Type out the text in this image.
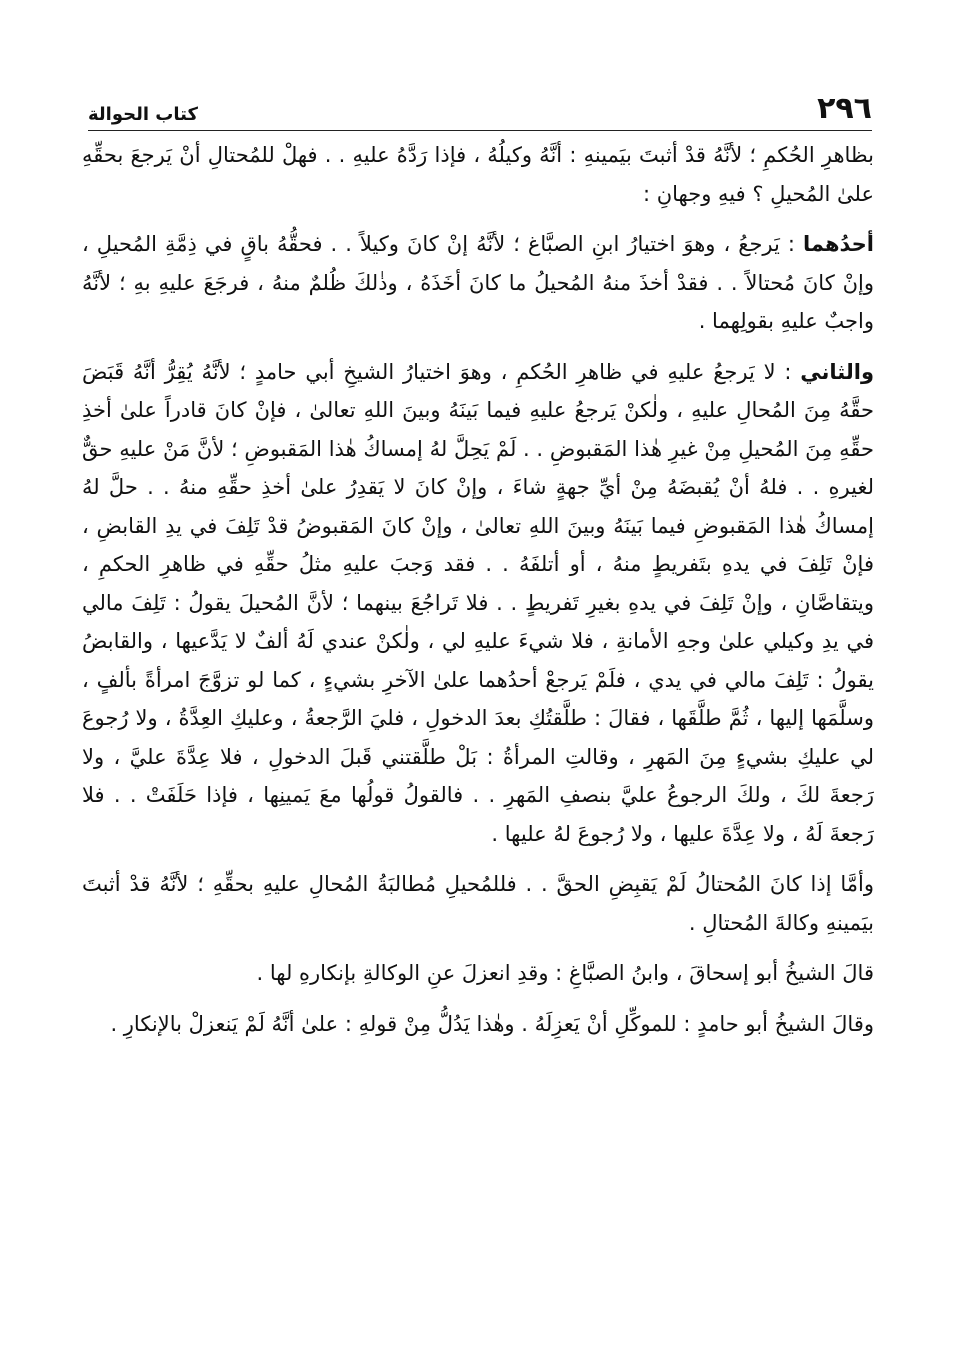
٢٩٦
كتاب الحوالة

بظاهرِ الحُكمِ ؛ لأنَّهُ قدْ أثبتَ بيَمينهِ : أنَّهُ وكيلُهُ ، فإذا رَدَّهُ عليهِ . . فهلْ للمُحتالِ أنْ يَرجعَ بحقِّهِ علىٰ المُحيلِ ؟ فيهِ وجهانِ :

أحدُهما : يَرجعُ ، وهوَ اختيارُ ابنِ الصبَّاغ ؛ لأنَّهُ إنْ كانَ وكيلاً . . فحقُّهُ باقٍ في ذِمَّةِ المُحيلِ ، وإنْ كانَ مُحتالاً . . فقدْ أخذَ منهُ المُحيلُ ما كانَ أخَذَهُ ، وذٰلكَ ظُلمٌ منهُ ، فرجَعَ عليهِ بهِ ؛ لأنَّهُ واجبٌ عليهِ بقولِهما .

والثاني : لا يَرجعُ عليهِ في ظاهرِ الحُكمِ ، وهوَ اختيارُ الشيخِ أبي حامدٍ ؛ لأنَّهُ يُقِرُّ أنَّهُ قَبَضَ حقَّهُ مِنَ المُحالِ عليهِ ، ولٰكنْ يَرجعُ عليهِ فيما بَينَهُ وبينَ اللهِ تعالىٰ ، فإنْ كانَ قادراً علىٰ أخذِ حقِّهِ مِنَ المُحيلِ مِنْ غيرِ هٰذا المَقبوضِ . . لَمْ يَحِلَّ لهُ إمساكُ هٰذا المَقبوضِ ؛ لأنَّ مَنْ عليهِ حقٌّ لغيرهِ . . فلهُ أنْ يُقبضَهُ مِنْ أيِّ جهةٍ شاءَ ، وإنْ كانَ لا يَقدِرُ علىٰ أخذِ حقِّهِ منهُ . . حلَّ لهُ إمساكُ هٰذا المَقبوضِ فيما بَينَهُ وبينَ اللهِ تعالىٰ ، وإنْ كانَ المَقبوضُ قدْ تَلِفَ في يدِ القابضِ ، فإنْ تَلِفَ في يدهِ بتَفريطٍ منهُ ، أو أتلفَهُ . . فقد وَجبَ عليهِ مثلُ حقِّهِ في ظاهرِ الحكمِ ، ويتقاصَّانِ ، وإنْ تَلِفَ في يدهِ بغيرِ تَفريطٍ . . فلا تَراجُعَ بينهما ؛ لأنَّ المُحيلَ يقولُ : تَلِفَ مالي في يدِ وكيلي علىٰ وجهِ الأمانةِ ، فلا شيءَ عليهِ لي ، ولٰكنْ عندي لَهُ ألفٌ لا يَدَّعيها ، والقابضُ يقولُ : تَلِفَ مالي في يدي ، فلَمْ يَرجعْ أحدُهما علىٰ الآخرِ بشيءٍ ، كما لو تزوَّجَ امرأةً بألفٍ ، وسلَّمَها إليها ، ثُمَّ طلَّقَها ، فقالَ : طلَّقتُكِ بعدَ الدخولِ ، فليَ الرَّجعةُ ، وعليكِ العِدَّةُ ، ولا رُجوعَ لي عليكِ بشيءٍ مِنَ المَهرِ ، وقالتِ المرأةُ : بَلْ طلَّقتني قَبلَ الدخولِ ، فلا عِدَّةَ عليَّ ، ولا رَجعةَ لكَ ، ولكَ الرجوعُ عليَّ بنصفِ المَهرِ . . فالقولُ قولُها معَ يَمينِها ، فإذا حَلَفَتْ . . فلا رَجعةَ لَهُ ، ولا عِدَّةَ عليها ، ولا رُجوعَ لهُ عليها .

وأمَّا إذا كانَ المُحتالُ لَمْ يَقبِضِ الحقَّ . . فللمُحيلِ مُطالبَةُ المُحالِ عليهِ بحقِّهِ ؛ لأنَّهُ قدْ أثبتَ بيَمينهِ وكالةَ المُحتالِ .

قالَ الشيخُ أبو إسحاقَ ، وابنُ الصبَّاغِ : وقدِ انعزلَ عنِ الوكالةِ بإنكارهِ لها .

وقالَ الشيخُ أبو حامدٍ : للموكِّلِ أنْ يَعزِلَهُ . وهٰذا يَدُلُّ مِنْ قولهِ : علىٰ أنَّهُ لَمْ يَنعزلْ بالإنكارِ .
